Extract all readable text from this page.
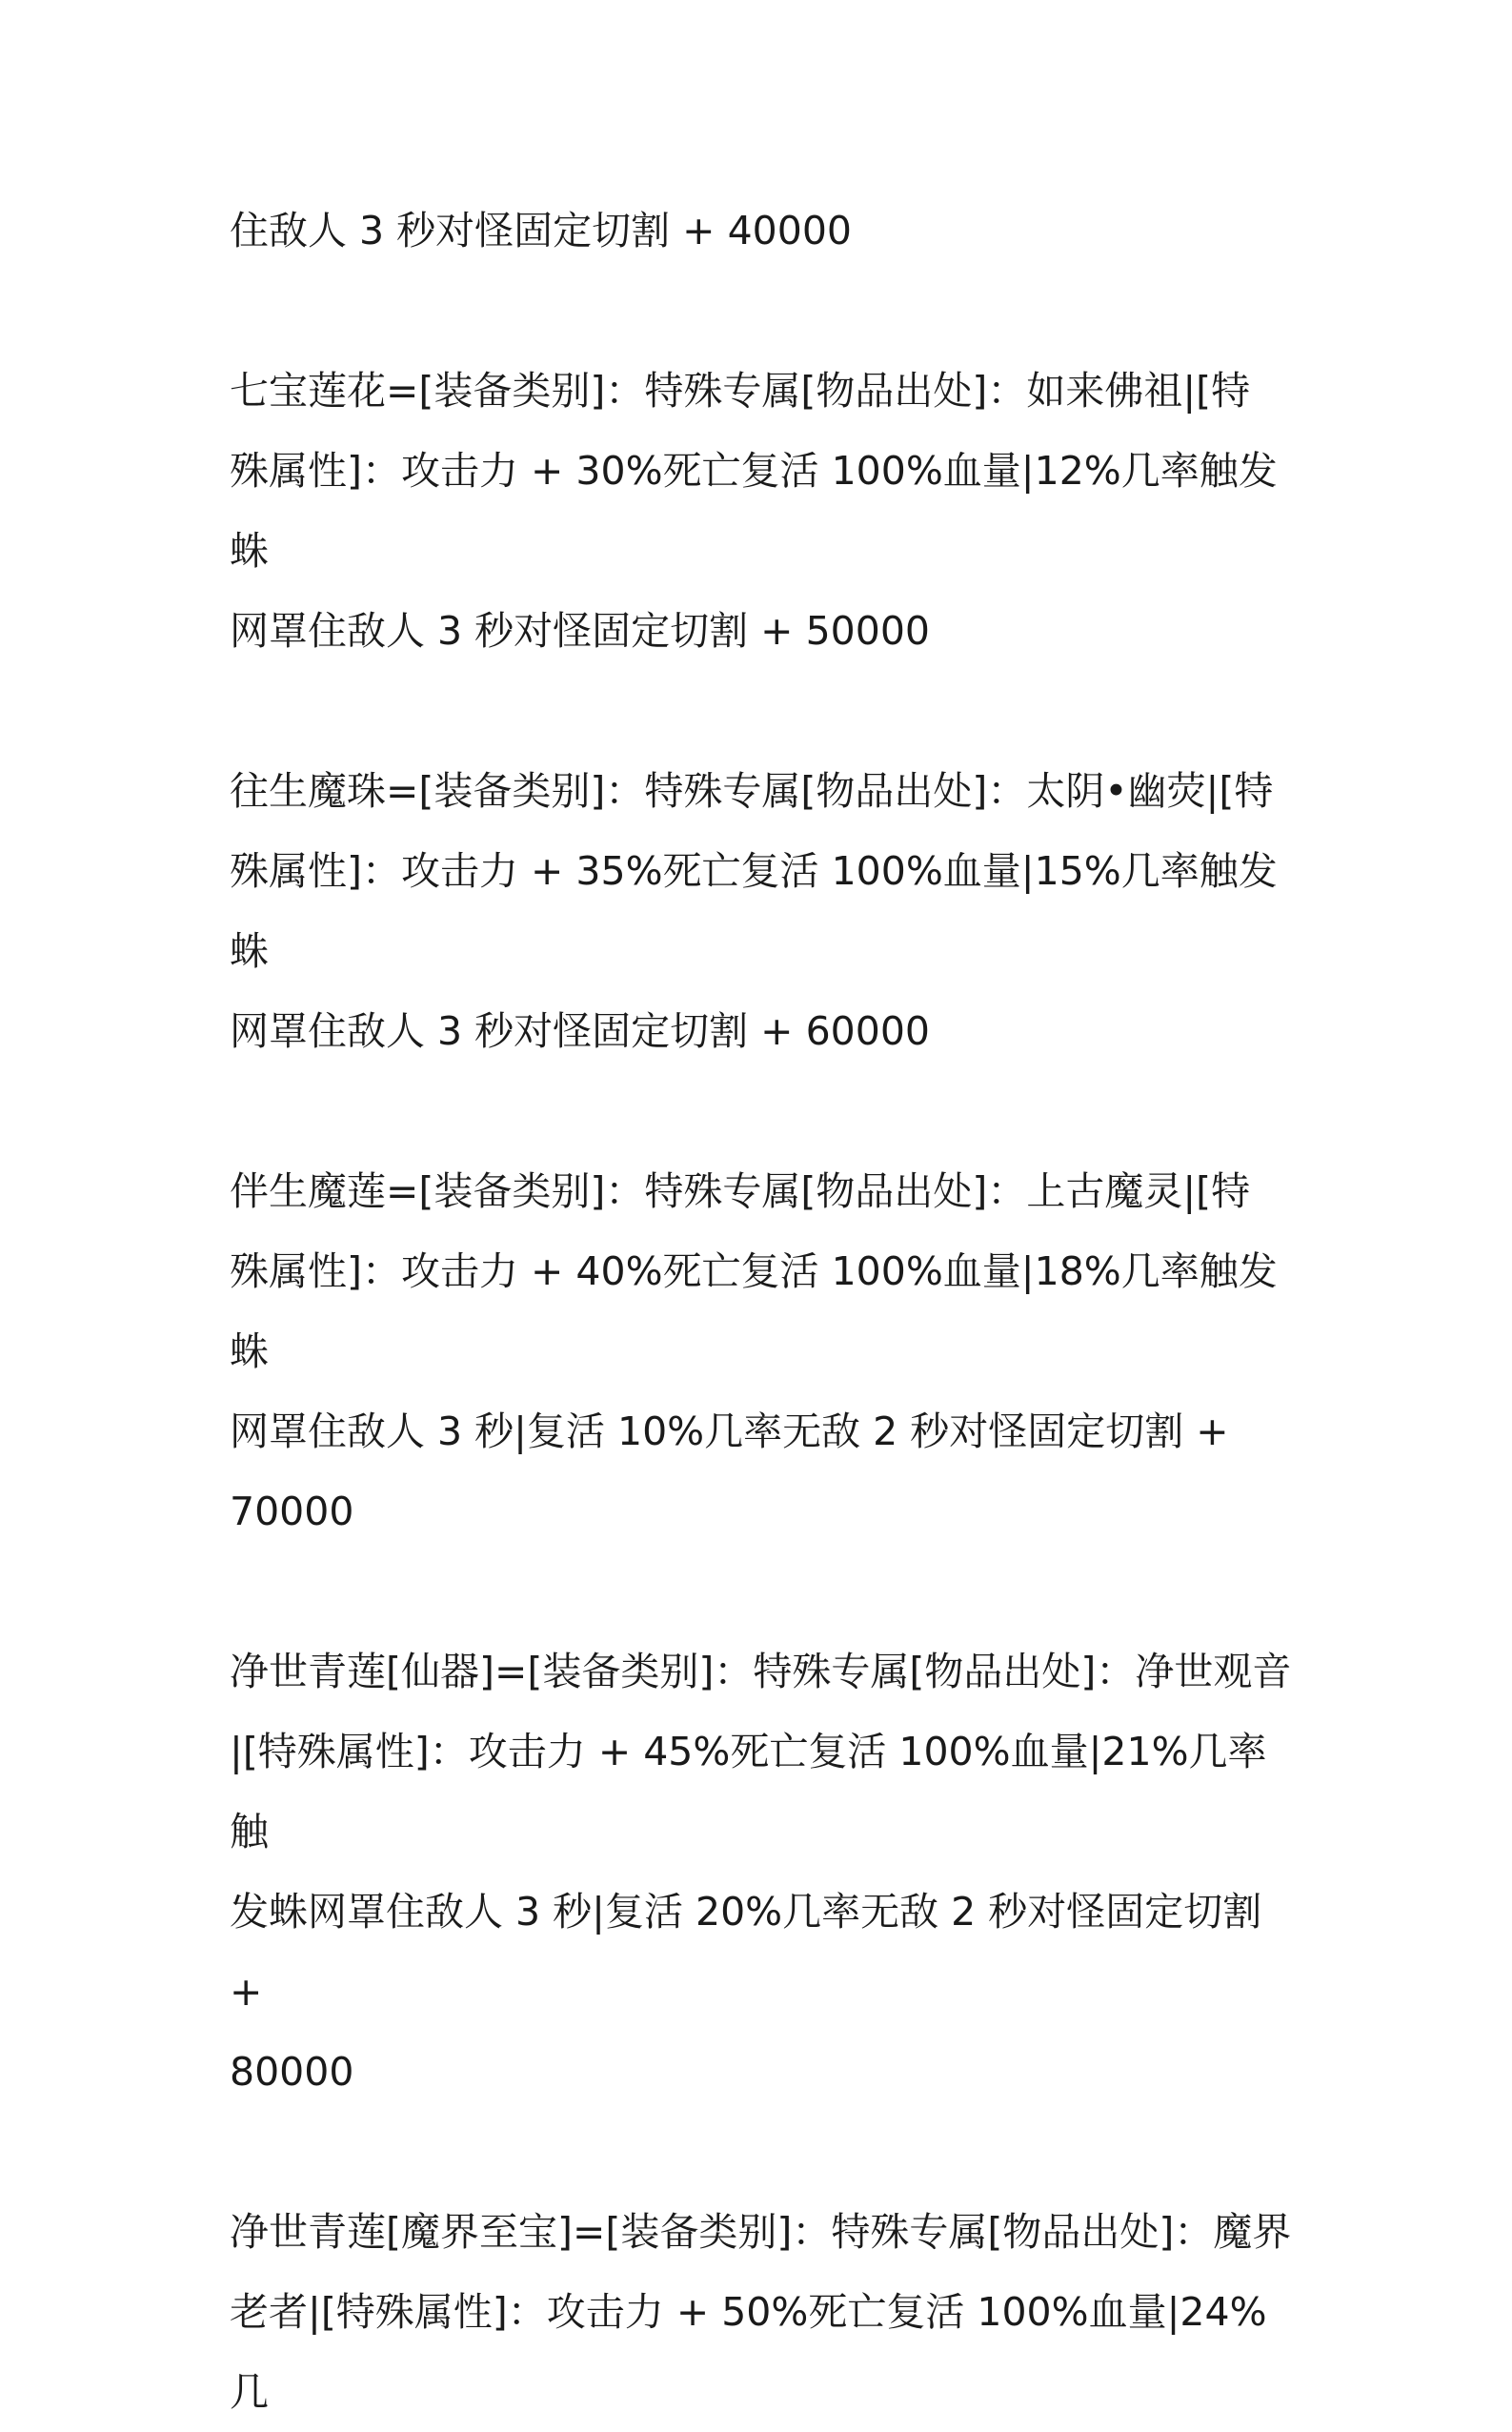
住敌人 3 秒对怪固定切割 + 40000

七宝莲花=[装备类别]：特殊专属[物品出处]：如来佛祖|[特
殊属性]：攻击力 + 30%死亡复活 100%血量|12%几率触发蛛
网罩住敌人 3 秒对怪固定切割 + 50000

往生魔珠=[装备类别]：特殊专属[物品出处]：太阴•幽荧|[特
殊属性]：攻击力 + 35%死亡复活 100%血量|15%几率触发蛛
网罩住敌人 3 秒对怪固定切割 + 60000

伴生魔莲=[装备类别]：特殊专属[物品出处]：上古魔灵|[特
殊属性]：攻击力 + 40%死亡复活 100%血量|18%几率触发蛛
网罩住敌人 3 秒|复活 10%几率无敌 2 秒对怪固定切割 +
70000

净世青莲[仙器]=[装备类别]：特殊专属[物品出处]：净世观音
|[特殊属性]：攻击力 + 45%死亡复活 100%血量|21%几率触
发蛛网罩住敌人 3 秒|复活 20%几率无敌 2 秒对怪固定切割 +
80000

净世青莲[魔界至宝]=[装备类别]：特殊专属[物品出处]：魔界
老者|[特殊属性]：攻击力 + 50%死亡复活 100%血量|24%几
